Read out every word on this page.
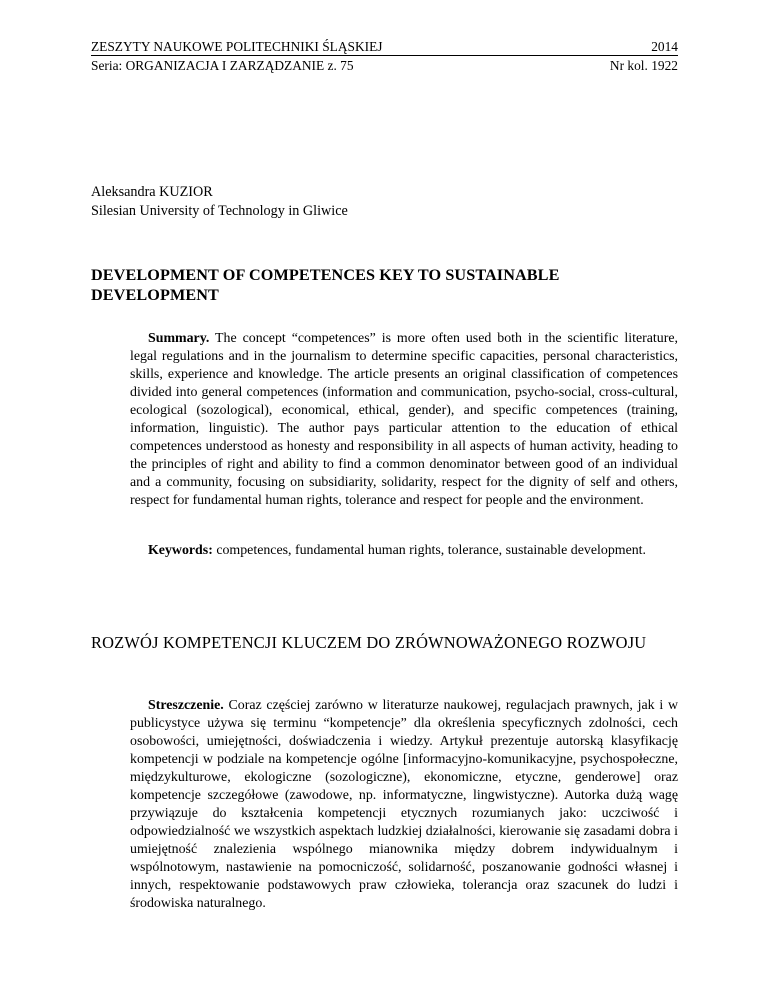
ZESZYTY NAUKOWE POLITECHNIKI ŚLĄSKIEJ	2014
Seria: ORGANIZACJA I ZARZĄDZANIE z. 75	Nr kol. 1922
Aleksandra KUZIOR
Silesian University of Technology in Gliwice
DEVELOPMENT OF COMPETENCES KEY TO SUSTAINABLE DEVELOPMENT

Summary. The concept “competences” is more often used both in the scientific literature, legal regulations and in the journalism to determine specific capacities, personal characteristics, skills, experience and knowledge. The article presents an original classification of competences divided into general competences (information and communication, psycho-social, cross-cultural, ecological (sozological), economical, ethical, gender), and specific competences (training, information, linguistic). The author pays particular attention to the education of ethical competences understood as honesty and responsibility in all aspects of human activity, heading to the principles of right and ability to find a common denominator between good of an individual and a community, focusing on subsidiarity, solidarity, respect for the dignity of self and others, respect for fundamental human rights, tolerance and respect for people and the environment.

Keywords: competences, fundamental human rights, tolerance, sustainable development.

ROZWÓJ KOMPETENCJI KLUCZEM DO ZRÓWNOWAŻONEGO ROZWOJU

Streszczenie. Coraz częściej zarówno w literaturze naukowej, regulacjach prawnych, jak i w publicystyce używa się terminu “kompetencje” dla określenia specyficznych zdolności, cech osobowości, umiejętności, doświadczenia i wiedzy. Artykuł prezentuje autorską klasyfikację kompetencji w podziale na kompetencje ogólne [informacyjno-komunikacyjne, psychospołeczne, międzykulturowe, ekologiczne (sozologiczne), ekonomiczne, etyczne, genderowe] oraz kompetencje szczegółowe (zawodowe, np. informatyczne, lingwistyczne). Autorka dużą wagę przywiązuje do kształcenia kompetencji etycznych rozumianych jako: uczciwość i odpowiedzialność we wszystkich aspektach ludzkiej działalności, kierowanie się zasadami dobra i umiejętność znalezienia wspólnego mianownika między dobrem indywidualnym i wspólnotowym, nastawienie na pomocniczość, solidarność, poszanowanie godności własnej i innych, respektowanie podstawowych praw człowieka, tolerancja oraz szacunek do ludzi i środowiska naturalnego.
